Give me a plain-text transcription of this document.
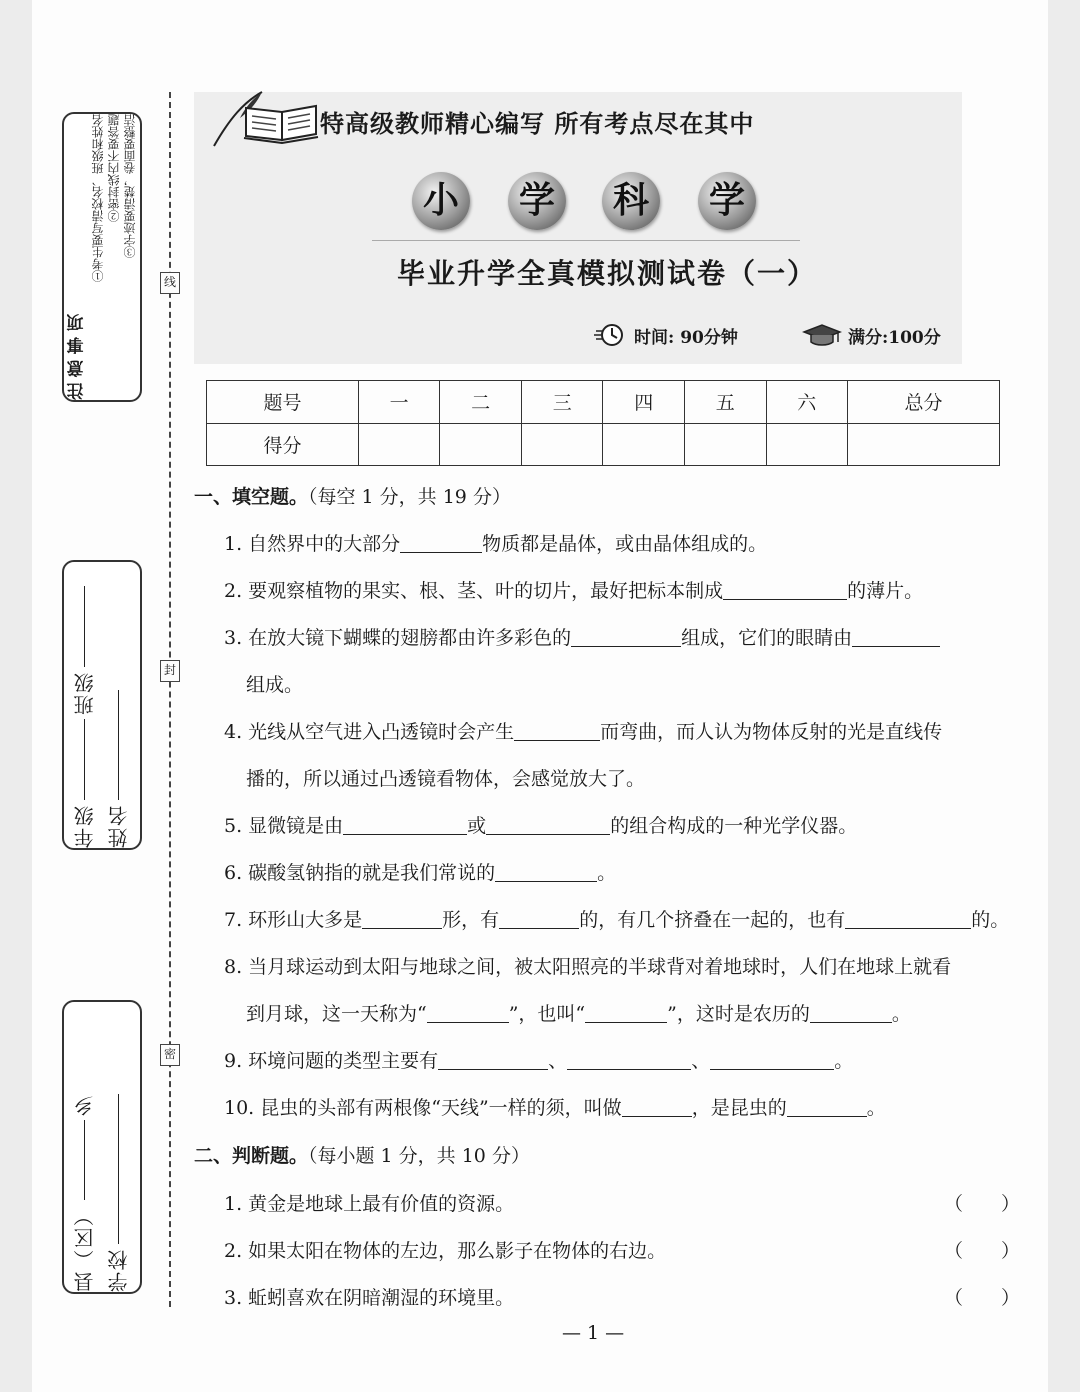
注意事项
①考生要写清校名、班级和姓名 ②密封线内不要答题 ③字迹要清楚，卷面要整洁
年级
班级
姓名
县（区）
乡
学校
线
封
密
特高级教师精心编写 所有考点尽在其中
小	学	科	学
毕业升学全真模拟测试卷（一）
时间: 90分钟	满分:100分
题号	一	二	三	四	五	六	总分
得分							
一、填空题。（每空 1 分，共 19 分）
1. 自然界中的大部分	物质都是晶体，或由晶体组成的。
2. 要观察植物的果实、根、茎、叶的切片，最好把标本制成	的薄片。
3. 在放大镜下蝴蝶的翅膀都由许多彩色的	组成，它们的眼睛由
组成。
4. 光线从空气进入凸透镜时会产生	而弯曲，而人认为物体反射的光是直线传
播的，所以通过凸透镜看物体，会感觉放大了。
5. 显微镜是由	或	的组合构成的一种光学仪器。
6. 碳酸氢钠指的就是我们常说的	。
7. 环形山大多是	形，有	的，有几个挤叠在一起的，也有	的。
8. 当月球运动到太阳与地球之间，被太阳照亮的半球背对着地球时，人们在地球上就看
到月球，这一天称为“	”，也叫“	”，这时是农历的	。
9. 环境问题的类型主要有	、	、	。
10. 昆虫的头部有两根像“天线”一样的须，叫做	，是昆虫的	。
二、判断题。（每小题 1 分，共 10 分）
1. 黄金是地球上最有价值的资源。	（　　）
2. 如果太阳在物体的左边，那么影子在物体的右边。	（　　）
3. 蚯蚓喜欢在阴暗潮湿的环境里。	（　　）
— 1 —
